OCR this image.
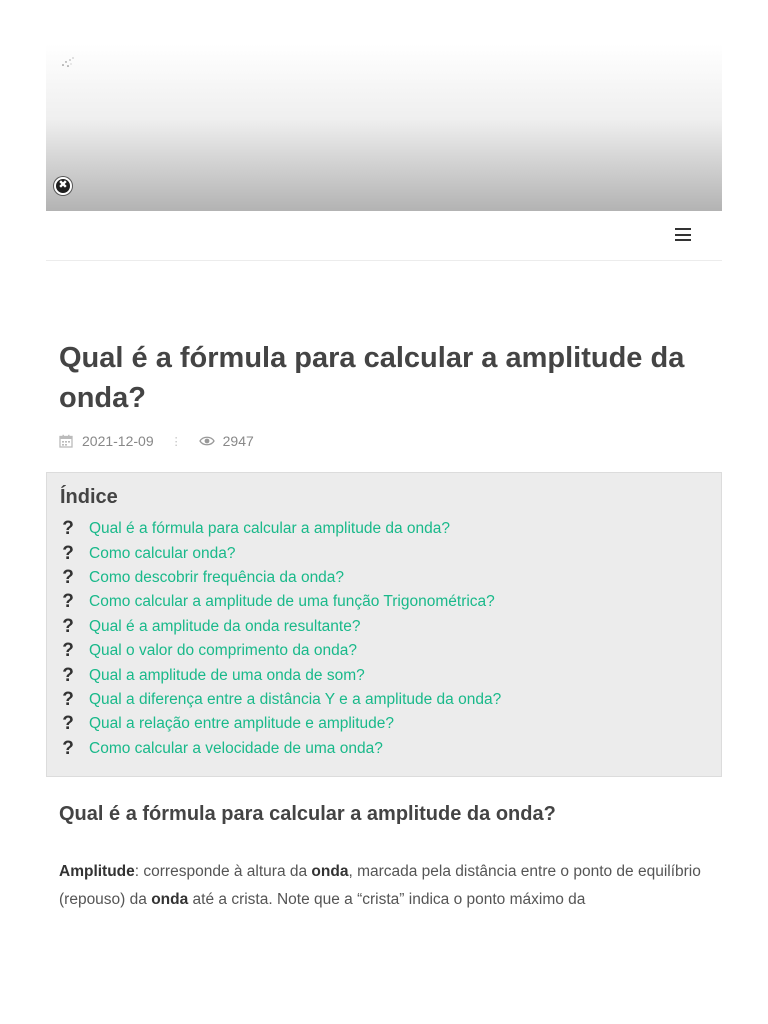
✖
Qual é a fórmula para calcular a amplitude da onda?
2021-12-09 ⋮	2947
Índice
? Qual é a fórmula para calcular a amplitude da onda?
? Como calcular onda?
? Como descobrir frequência da onda?
? Como calcular a amplitude de uma função Trigonométrica?
? Qual é a amplitude da onda resultante?
? Qual o valor do comprimento da onda?
? Qual a amplitude de uma onda de som?
? Qual a diferença entre a distância Y e a amplitude da onda?
? Qual a relação entre amplitude e amplitude?
? Como calcular a velocidade de uma onda?
Qual é a fórmula para calcular a amplitude da onda?

Amplitude: corresponde à altura da onda, marcada pela distância entre o ponto de equilíbrio (repouso) da onda até a crista. Note que a “crista” indica o ponto máximo da
